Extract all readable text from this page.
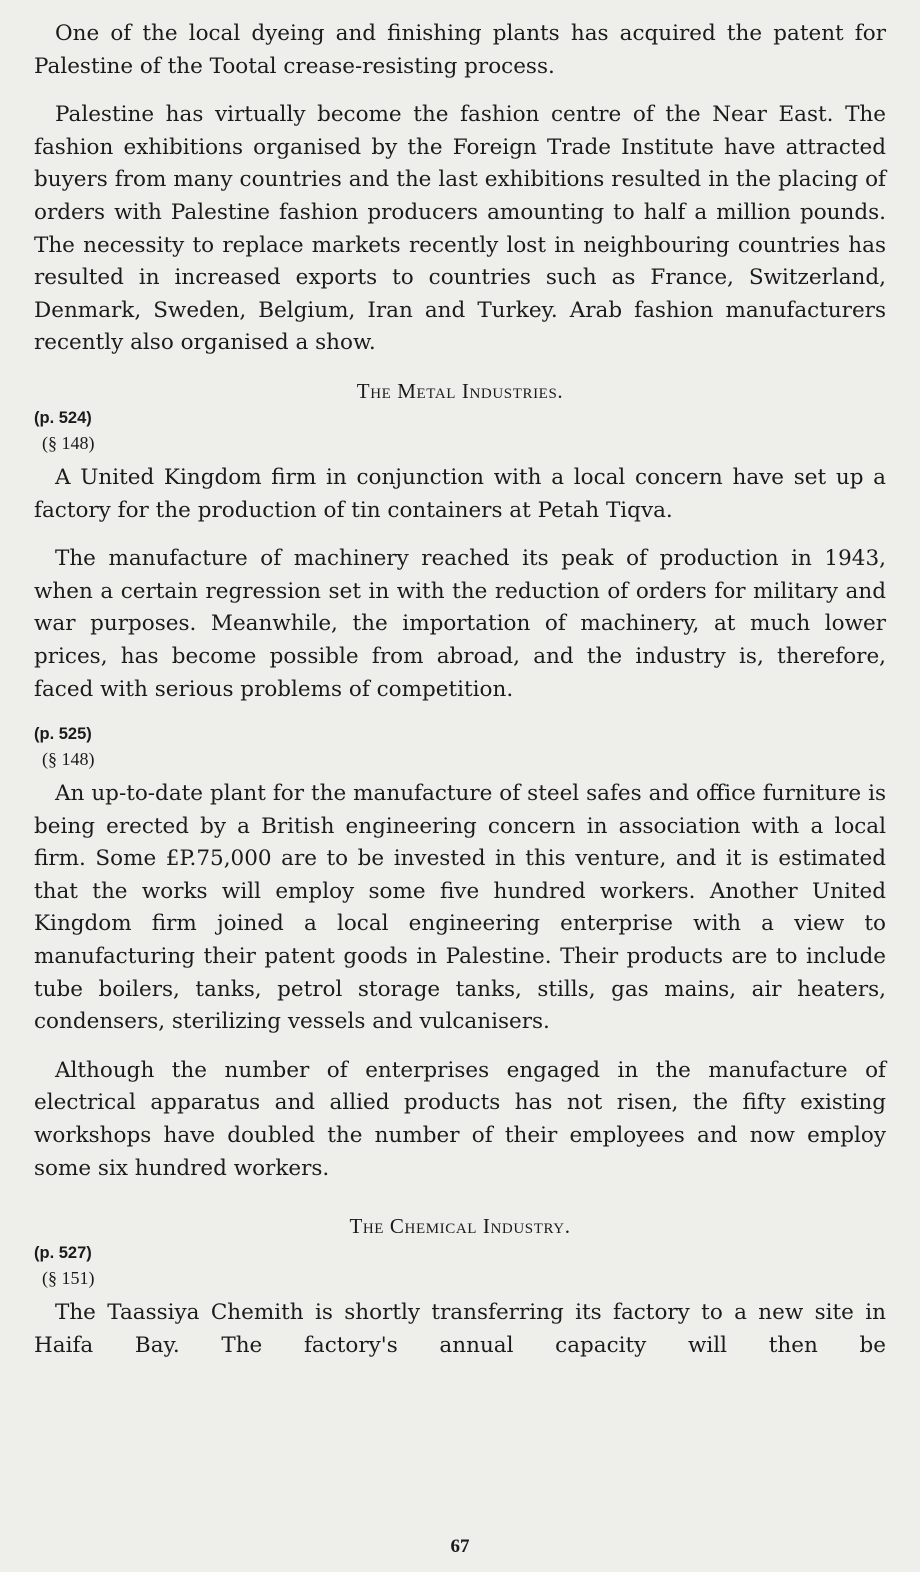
One of the local dyeing and finishing plants has acquired the patent for Palestine of the Tootal crease-resisting process.

Palestine has virtually become the fashion centre of the Near East. The fashion exhibitions organised by the Foreign Trade Institute have attracted buyers from many countries and the last exhibitions resulted in the placing of orders with Palestine fashion producers amounting to half a million pounds. The necessity to replace markets recently lost in neighbouring countries has resulted in increased exports to countries such as France, Switzerland, Denmark, Sweden, Belgium, Iran and Turkey. Arab fashion manufacturers recently also organised a show.

The Metal Industries.
(p. 524)
(§ 148)

A United Kingdom firm in conjunction with a local concern have set up a factory for the production of tin containers at Petah Tiqva.

The manufacture of machinery reached its peak of production in 1943, when a certain regression set in with the reduction of orders for military and war purposes. Meanwhile, the importation of machinery, at much lower prices, has become possible from abroad, and the industry is, therefore, faced with serious problems of competition.

(p. 525)
(§ 148)

An up-to-date plant for the manufacture of steel safes and office furniture is being erected by a British engineering concern in association with a local firm. Some £P.75,000 are to be invested in this venture, and it is estimated that the works will employ some five hundred workers. Another United Kingdom firm joined a local engineering enterprise with a view to manufacturing their patent goods in Palestine. Their products are to include tube boilers, tanks, petrol storage tanks, stills, gas mains, air heaters, condensers, sterilizing vessels and vulcanisers.

Although the number of enterprises engaged in the manufacture of electrical apparatus and allied products has not risen, the fifty existing workshops have doubled the number of their employees and now employ some six hundred workers.

The Chemical Industry.
(p. 527)
(§ 151)

The Taassiya Chemith is shortly transferring its factory to a new site in Haifa Bay. The factory's annual capacity will then be

67
